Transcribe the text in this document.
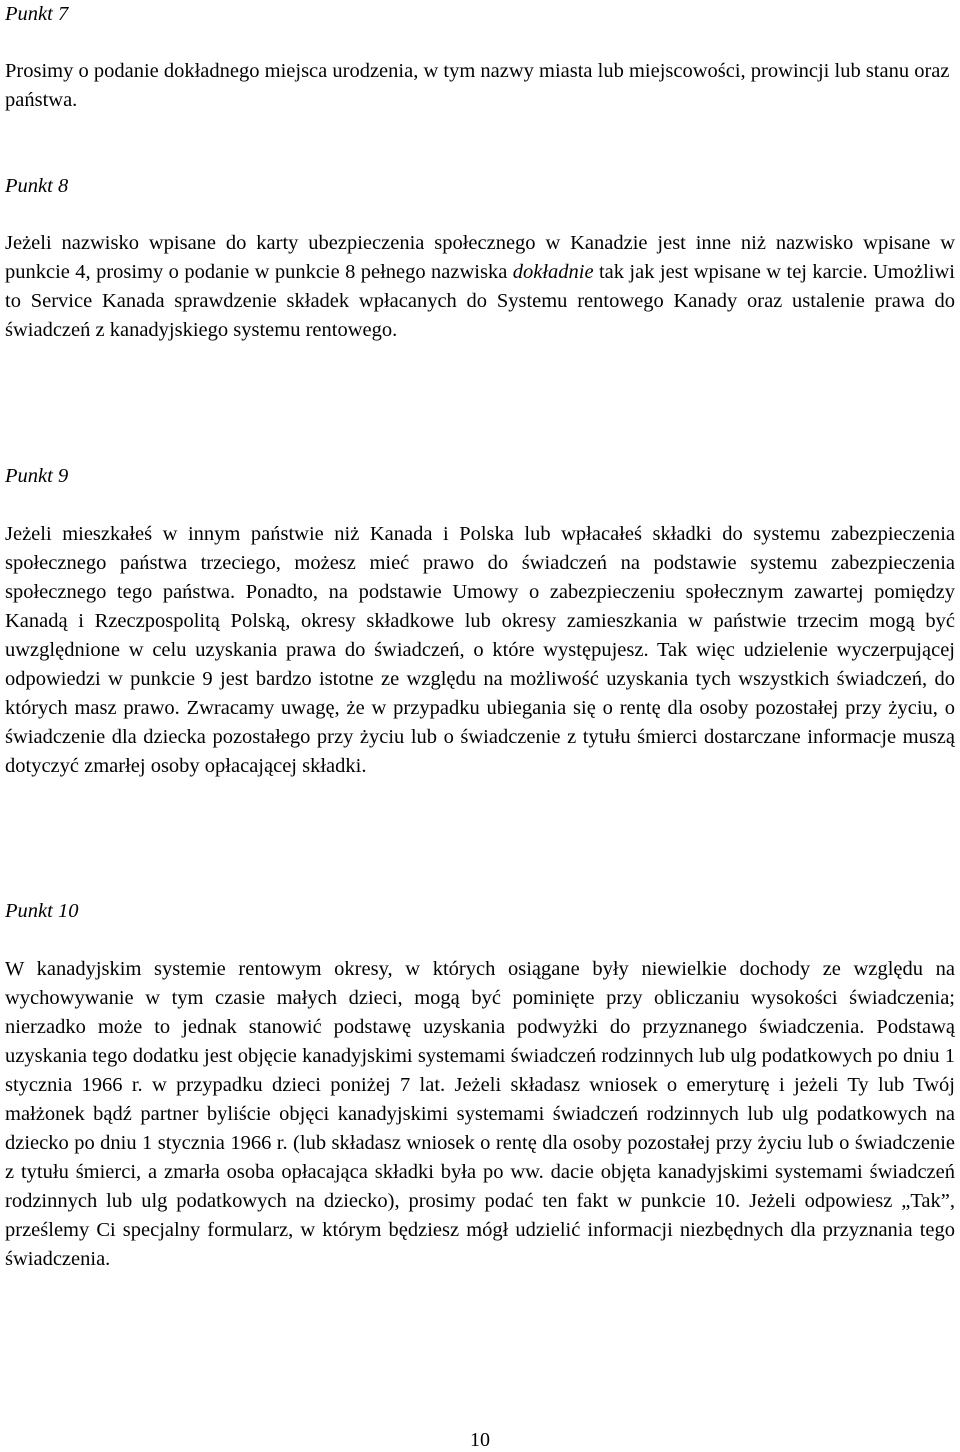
Punkt 7

Prosimy o podanie dokładnego miejsca urodzenia, w tym nazwy miasta lub miejscowości, prowincji lub stanu oraz państwa.

Punkt 8

Jeżeli nazwisko wpisane do karty ubezpieczenia społecznego w Kanadzie jest inne niż nazwisko wpisane w punkcie 4, prosimy o podanie w punkcie 8 pełnego nazwiska dokładnie tak jak jest wpisane w tej karcie. Umożliwi to Service Kanada sprawdzenie składek wpłacanych do Systemu rentowego Kanady oraz ustalenie prawa do świadczeń z kanadyjskiego systemu rentowego.

Punkt 9

Jeżeli mieszkałeś w innym państwie niż Kanada i Polska lub wpłacałeś składki do systemu zabezpieczenia społecznego państwa trzeciego, możesz mieć prawo do świadczeń na podstawie systemu zabezpieczenia społecznego tego państwa. Ponadto, na podstawie Umowy o zabezpieczeniu społecznym zawartej pomiędzy Kanadą i Rzeczpospolitą Polską, okresy składkowe lub okresy zamieszkania w państwie trzecim mogą być uwzględnione w celu uzyskania prawa do świadczeń, o które występujesz. Tak więc udzielenie wyczerpującej odpowiedzi w punkcie 9 jest bardzo istotne ze względu na możliwość uzyskania tych wszystkich świadczeń, do których masz prawo. Zwracamy uwagę, że w przypadku ubiegania się o rentę dla osoby pozostałej przy życiu, o świadczenie dla dziecka pozostałego przy życiu lub o świadczenie z tytułu śmierci dostarczane informacje muszą dotyczyć zmarłej osoby opłacającej składki.

Punkt 10

W kanadyjskim systemie rentowym okresy, w których osiągane były niewielkie dochody ze względu na wychowywanie w tym czasie małych dzieci, mogą być pominięte przy obliczaniu wysokości świadczenia; nierzadko może to jednak stanowić podstawę uzyskania podwyżki do przyznanego świadczenia. Podstawą uzyskania tego dodatku jest objęcie kanadyjskimi systemami świadczeń rodzinnych lub ulg podatkowych po dniu 1 stycznia 1966 r. w przypadku dzieci poniżej 7 lat. Jeżeli składasz wniosek o emeryturę i jeżeli Ty lub Twój małżonek bądź partner byliście objęci kanadyjskimi systemami świadczeń rodzinnych lub ulg podatkowych na dziecko po dniu 1 stycznia 1966 r. (lub składasz wniosek o rentę dla osoby pozostałej przy życiu lub o świadczenie z tytułu śmierci, a zmarła osoba opłacająca składki była po ww. dacie objęta kanadyjskimi systemami świadczeń rodzinnych lub ulg podatkowych na dziecko), prosimy podać ten fakt w punkcie 10. Jeżeli odpowiesz „Tak”, prześlemy Ci specjalny formularz, w którym będziesz mógł udzielić informacji niezbędnych dla przyznania tego świadczenia.

10
